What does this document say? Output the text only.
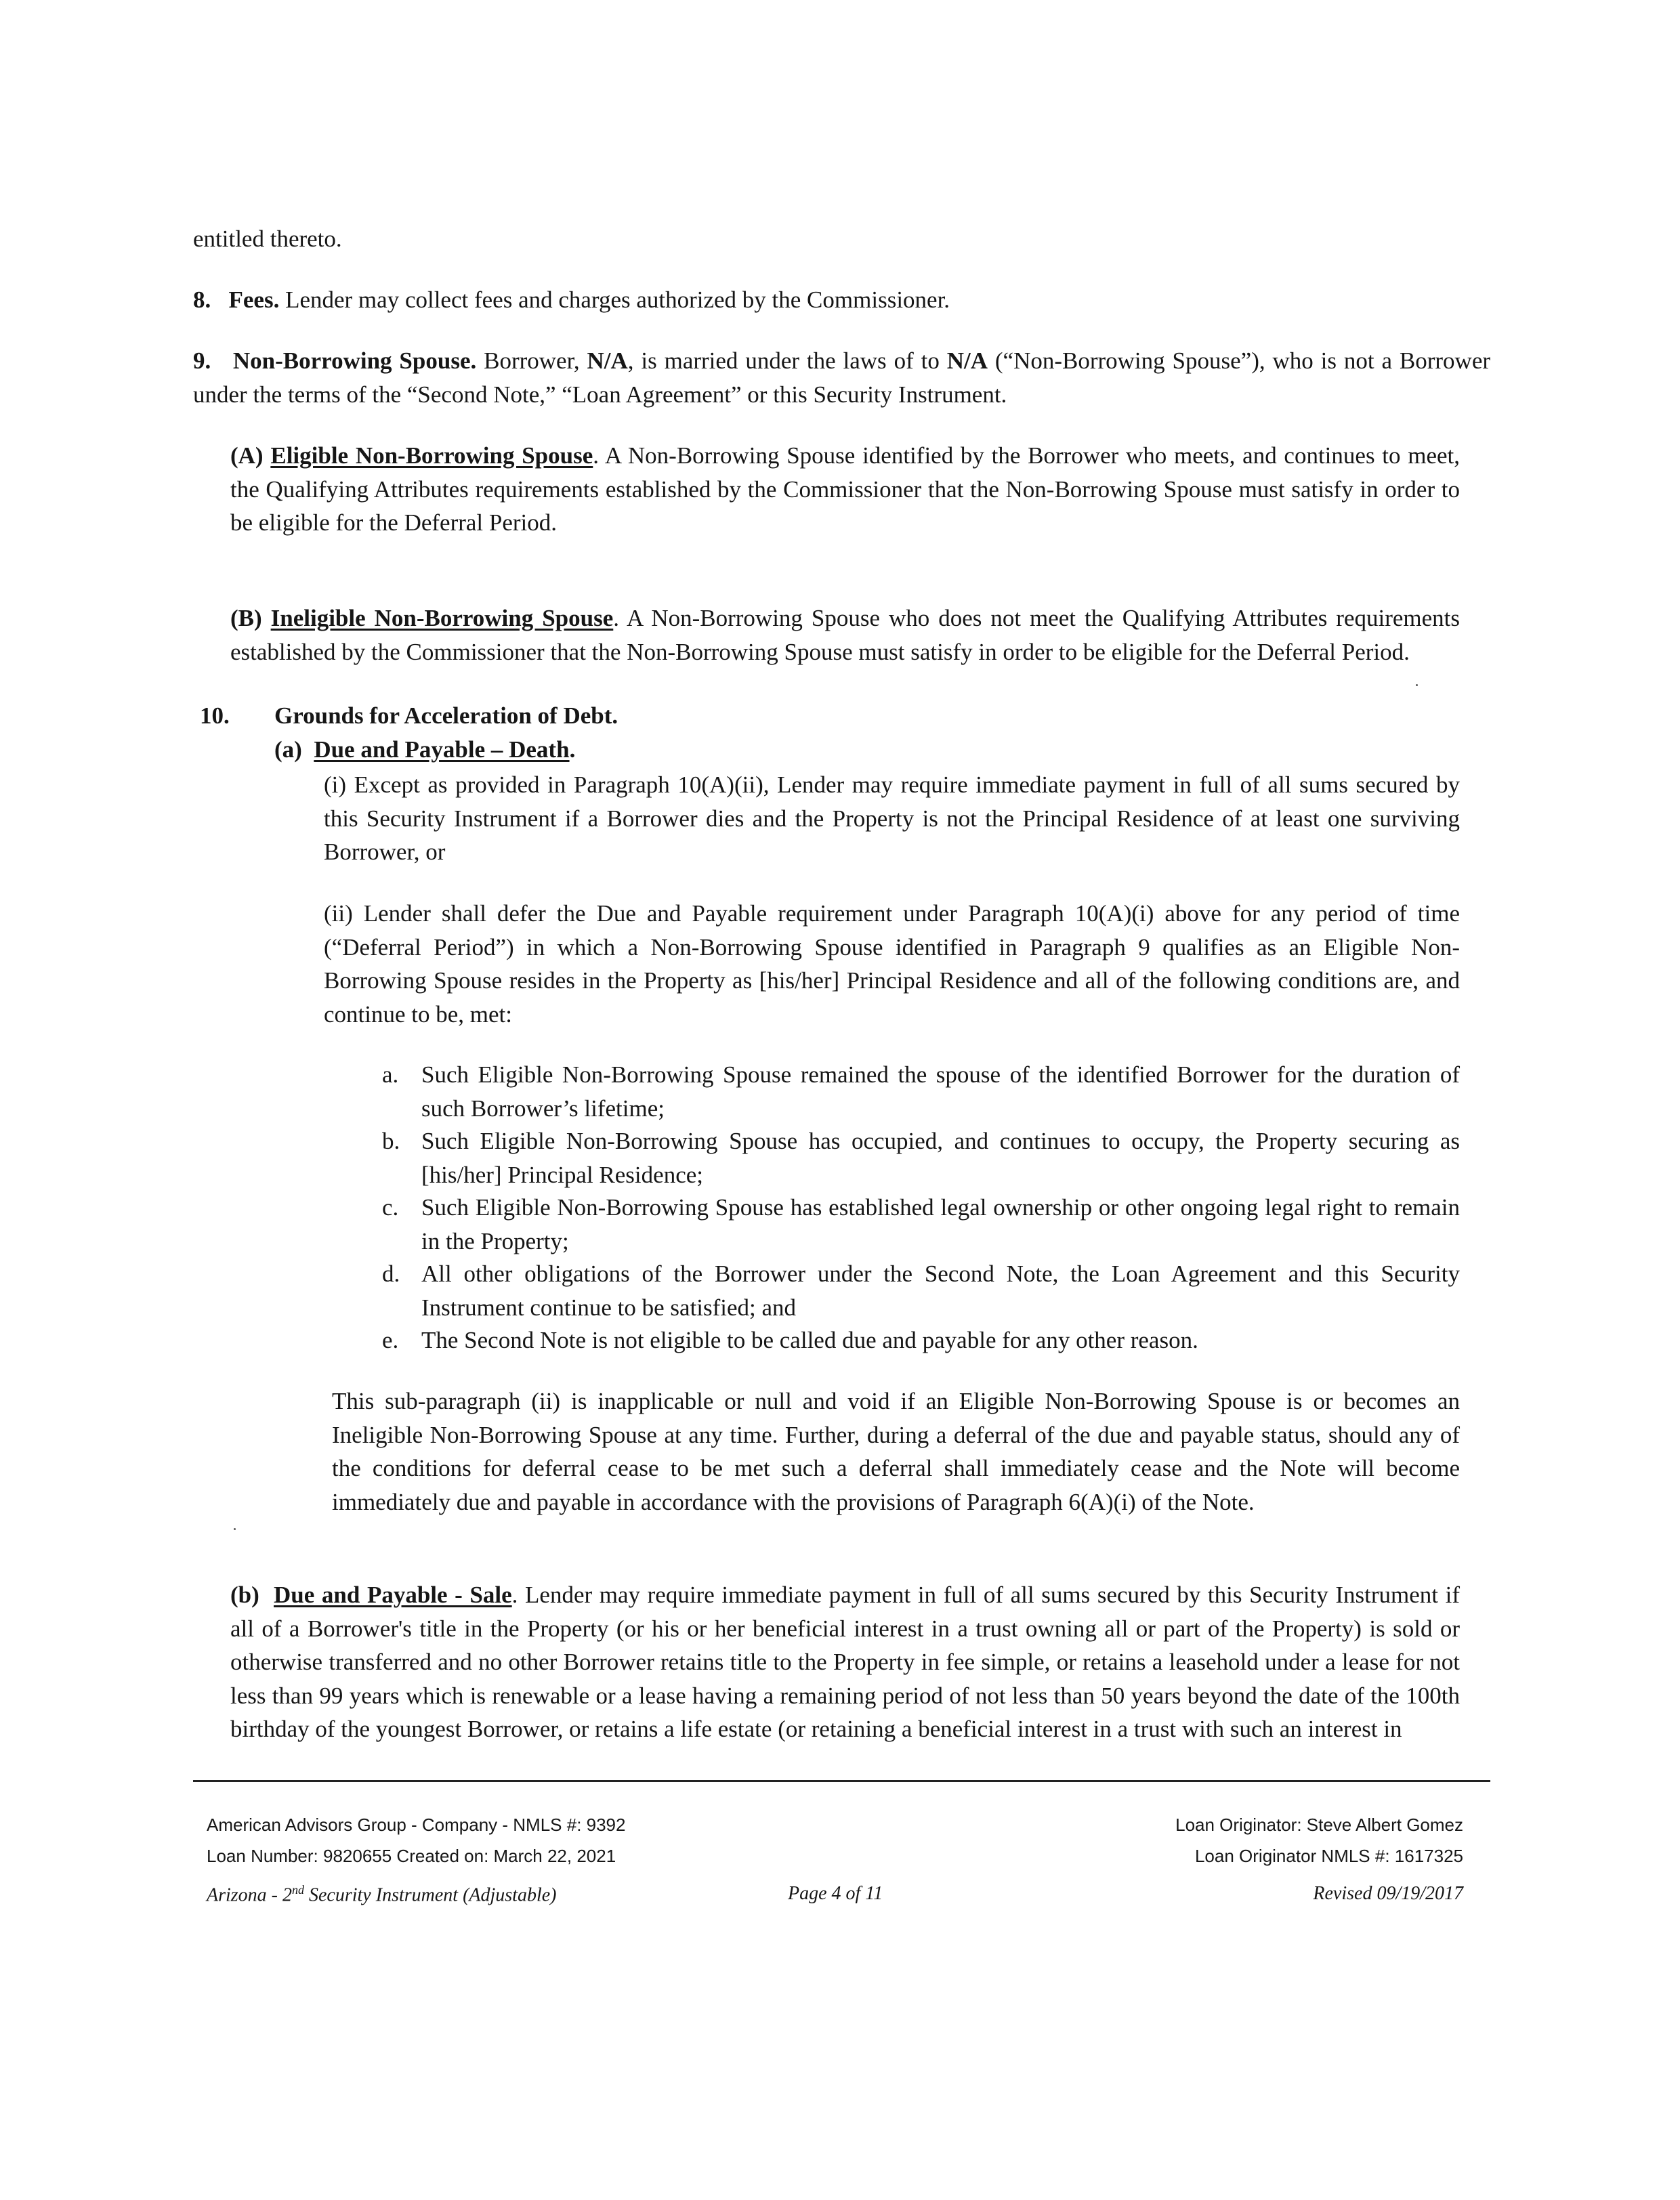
entitled thereto.

8. Fees. Lender may collect fees and charges authorized by the Commissioner.

9. Non-Borrowing Spouse. Borrower, N/A, is married under the laws of to N/A (“Non-Borrowing Spouse”), who is not a Borrower under the terms of the “Second Note,” “Loan Agreement” or this Security Instrument.

(A) Eligible Non-Borrowing Spouse. A Non-Borrowing Spouse identified by the Borrower who meets, and continues to meet, the Qualifying Attributes requirements established by the Commissioner that the Non-Borrowing Spouse must satisfy in order to be eligible for the Deferral Period.

(B) Ineligible Non-Borrowing Spouse. A Non-Borrowing Spouse who does not meet the Qualifying Attributes requirements established by the Commissioner that the Non-Borrowing Spouse must satisfy in order to be eligible for the Deferral Period.

10. Grounds for Acceleration of Debt.

(a) Due and Payable – Death.

(i) Except as provided in Paragraph 10(A)(ii), Lender may require immediate payment in full of all sums secured by this Security Instrument if a Borrower dies and the Property is not the Principal Residence of at least one surviving Borrower, or

(ii) Lender shall defer the Due and Payable requirement under Paragraph 10(A)(i) above for any period of time (“Deferral Period”) in which a Non-Borrowing Spouse identified in Paragraph 9 qualifies as an Eligible Non-Borrowing Spouse resides in the Property as [his/her] Principal Residence and all of the following conditions are, and continue to be, met:

a. Such Eligible Non-Borrowing Spouse remained the spouse of the identified Borrower for the duration of such Borrower’s lifetime;

b. Such Eligible Non-Borrowing Spouse has occupied, and continues to occupy, the Property securing as [his/her] Principal Residence;

c. Such Eligible Non-Borrowing Spouse has established legal ownership or other ongoing legal right to remain in the Property;

d. All other obligations of the Borrower under the Second Note, the Loan Agreement and this Security Instrument continue to be satisfied; and

e. The Second Note is not eligible to be called due and payable for any other reason.

This sub-paragraph (ii) is inapplicable or null and void if an Eligible Non-Borrowing Spouse is or becomes an Ineligible Non-Borrowing Spouse at any time. Further, during a deferral of the due and payable status, should any of the conditions for deferral cease to be met such a deferral shall immediately cease and the Note will become immediately due and payable in accordance with the provisions of Paragraph 6(A)(i) of the Note.

(b) Due and Payable - Sale. Lender may require immediate payment in full of all sums secured by this Security Instrument if all of a Borrower's title in the Property (or his or her beneficial interest in a trust owning all or part of the Property) is sold or otherwise transferred and no other Borrower retains title to the Property in fee simple, or retains a leasehold under a lease for not less than 99 years which is renewable or a lease having a remaining period of not less than 50 years beyond the date of the 100th birthday of the youngest Borrower, or retains a life estate (or retaining a beneficial interest in a trust with such an interest in

American Advisors Group - Company - NMLS #: 9392

Loan Number: 9820655 Created on: March 22, 2021

Loan Originator: Steve Albert Gomez

Loan Originator NMLS #: 1617325

Arizona - 2nd Security Instrument (Adjustable)	Page 4 of 11	Revised 09/19/2017
